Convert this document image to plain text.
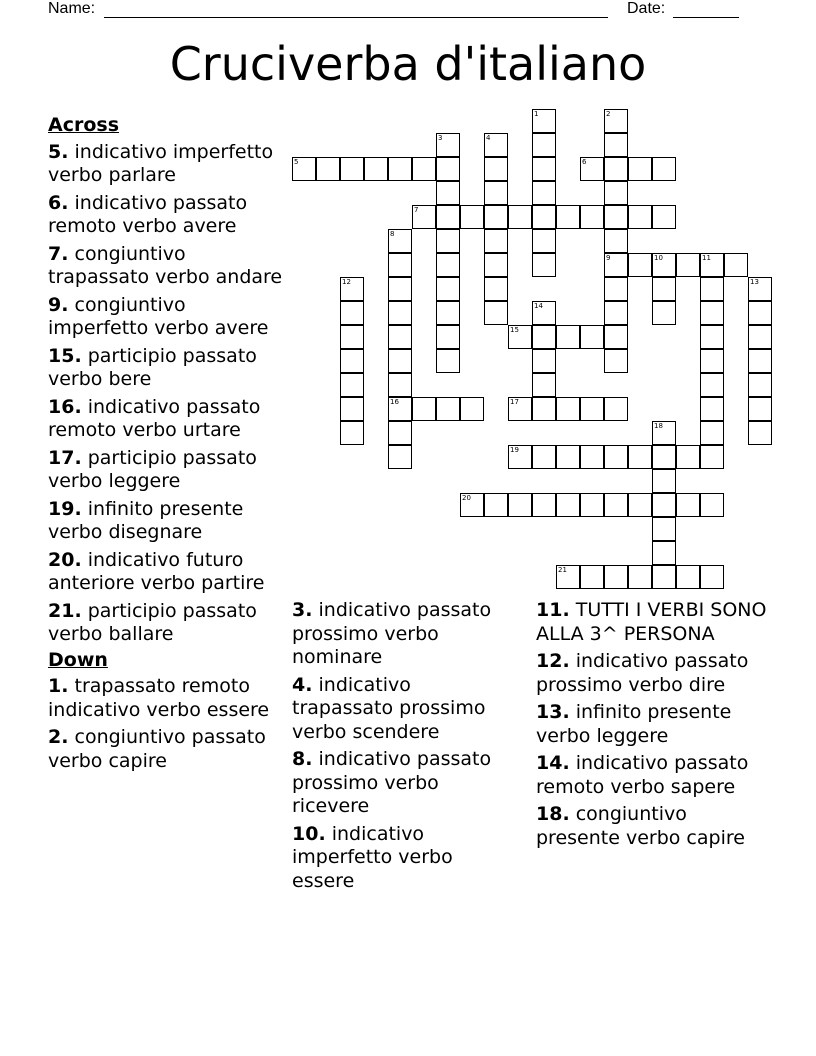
Name:	Date:
Cruciverba d'italiano
1	2
9
3	4
5	6
7
8
16
10	11
12	13
14
15
17
18
19
20
21
Across
5. indicativo imperfetto verbo parlare
6. indicativo passato remoto verbo avere
7. congiuntivo trapassato verbo andare
9. congiuntivo imperfetto verbo avere
15. participio passato verbo bere
16. indicativo passato remoto verbo urtare
17. participio passato verbo leggere
19. infinito presente verbo disegnare
20. indicativo futuro anteriore verbo partire
21. participio passato verbo ballare
Down
1. trapassato remoto indicativo verbo essere
2. congiuntivo passato verbo capire
3. indicativo passato prossimo verbo nominare
4. indicativo trapassato prossimo verbo scendere
8. indicativo passato prossimo verbo ricevere
10. indicativo imperfetto verbo essere
11. TUTTI I VERBI SONO ALLA 3^ PERSONA
12. indicativo passato prossimo verbo dire
13. infinito presente verbo leggere
14. indicativo passato remoto verbo sapere
18. congiuntivo presente verbo capire
